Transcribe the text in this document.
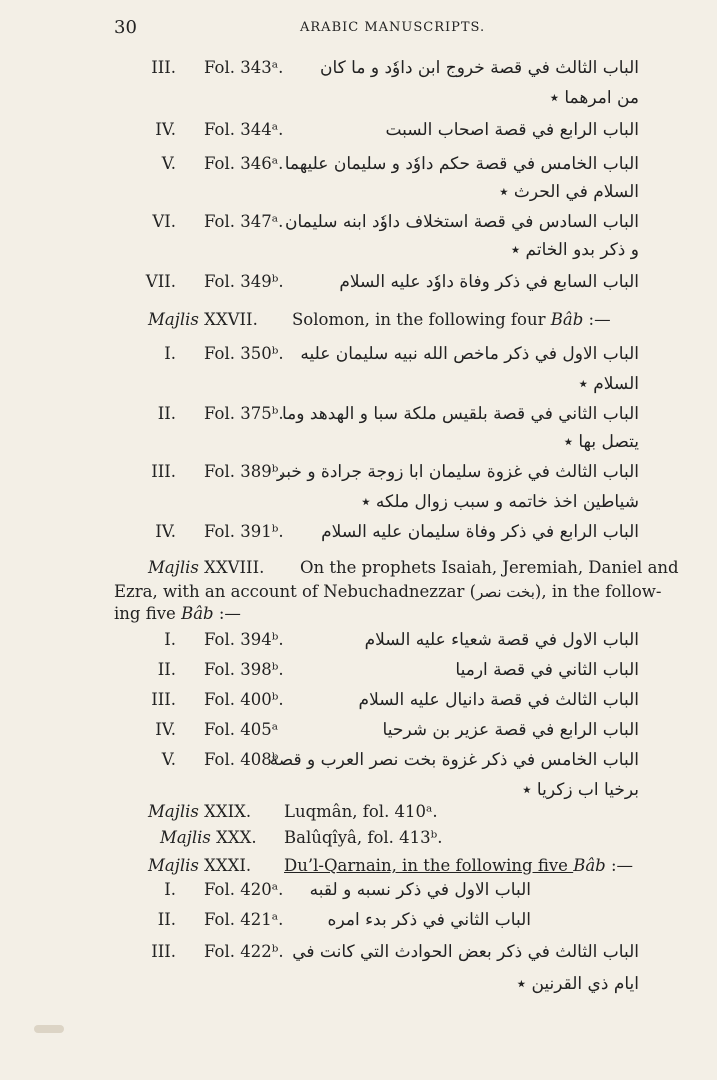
30	ARABIC MANUSCRIPTS.
III. Fol. 343ᵃ. الباب الثالث في قصة خروج ابن داوٗد و ما كان
من امرهما ٭
IV. Fol. 344ᵃ.	الباب الرابع في قصة اصحاب السبت
V. Fol. 346ᵃ. الباب الخامس في قصة حكم داوٗد و سليمان عليهما
السلام في الحرث ٭
VI. Fol. 347ᵃ. الباب السادس في قصة استخلاف داوٗد ابنه سليمان
و ذكر بدو الخاتم ٭
VII. Fol. 349ᵇ.	الباب السابع في ذكر وفاة داوٗد عليه السلام
Majlis XXVII. Solomon, in the following four Bâb :—
I. Fol. 350ᵇ. الباب الاول في ذكر ماخص الله نبيه سليمان عليه
السلام ٭
II. Fol. 375ᵇ.
الباب الثاني في قصة بلقيس ملكة سبا و الهدهد وما
يتصل بها ٭
III. Fol. 389ᵇ.
الباب الثالث في غزوة سليمان ابا زوجة جرادة و خبر
شياطين اخذ خاتمه و سبب زوال ملكه ٭
IV. Fol. 391ᵇ. الباب الرابع في ذكر وفاة سليمان عليه السلام
Majlis XXVIII. On the prophets Isaiah, Jeremiah, Daniel and
Ezra, with an account of Nebuchadnezzar (بخت نصر), in the follow-
ing five Bâb :—
I. Fol. 394ᵇ.	الباب الاول في قصة شعياء عليه السلام
II. Fol. 398ᵇ.	الباب الثاني في قصة ارميا
III. Fol. 400ᵇ.	الباب الثالث في قصة دانيال عليه السلام
IV. Fol. 405ᵃ	الباب الرابع في قصة عزير بن شرحيا
V. Fol. 408ᵇ
الباب الخامس في ذكر غزوة بخت نصر العرب و قصة
برخيا اب زكريا ٭
Majlis XXIX. Luqmân, fol. 410ᵃ.
Majlis XXX. Balûqîyâ, fol. 413ᵇ.
Majlis XXXI. Du’l-Qarnain, in the following five Bâb :—
I. Fol. 420ᵃ. الباب الاول في ذكر نسبه و لقبه
II. Fol. 421ᵃ.	الباب الثاني في ذكر بدء امره
III. Fol. 422ᵇ. الباب الثالث في ذكر بعض الحوادث التي كانت في
ايام ذي القرنين ٭
